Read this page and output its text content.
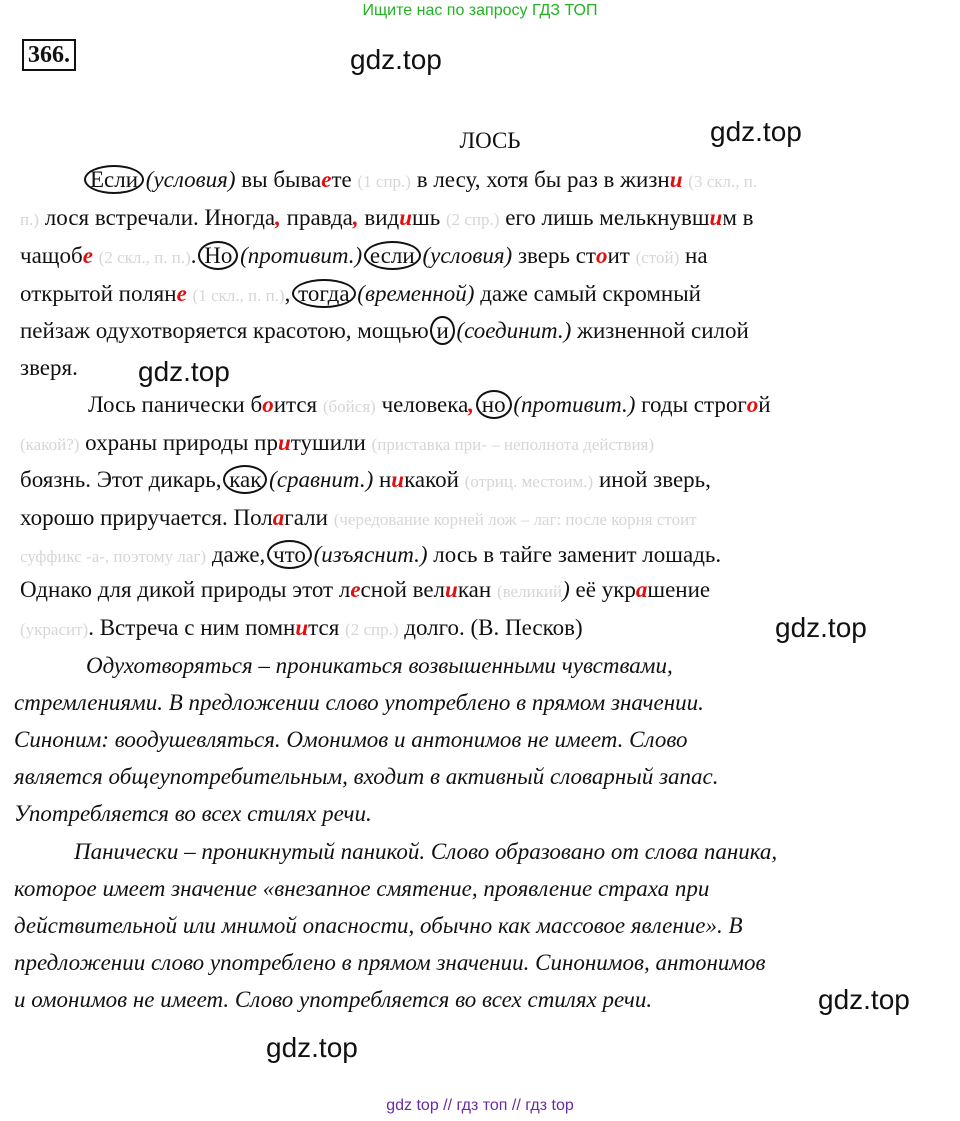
Ищите нас по запросу ГДЗ ТОП
366.	gdz.top
gdz.top
gdz.top
gdz.top
gdz.top
gdz.top
ЛОСЬ
Если (условия) вы бываете (1 спр.) в лесу, хотя бы раз в жизни (3 скл., п.
п.) лося встречали. Иногда, правда, видишь (2 спр.) его лишь мелькнувшим в
чащобе (2 скл., п. п.). Но (противит.) если (условия) зверь стоит (стой) на
открытой поляне (1 скл., п. п.), тогда (временной) даже самый скромный
пейзаж одухотворяется красотою, мощью и (соединит.) жизненной силой
зверя.
Лось панически боится (бойся) человека, но (противит.) годы строгой
(какой?) охраны природы притушили (приставка при- – неполнота действия)
боязнь. Этот дикарь, как (сравнит.) никакой (отриц. местоим.) иной зверь,
хорошо приручается. Полагали (чередование корней лож – лаг: после корня стоит
суффикс -а-, поэтому лаг) даже, что (изъяснит.) лось в тайге заменит лошадь.
Однако для дикой природы этот лесной великан (великий) её украшение
(украсит). Встреча с ним помнится (2 спр.) долго. (В. Песков)
Одухотворяться – проникаться возвышенными чувствами,
стремлениями. В предложении слово употреблено в прямом значении.
Синоним: воодушевляться. Омонимов и антонимов не имеет. Слово
является общеупотребительным, входит в активный словарный запас.
Употребляется во всех стилях речи.
Панически – проникнутый паникой. Слово образовано от слова паника,
которое имеет значение «внезапное смятение, проявление страха при
действительной или мнимой опасности, обычно как массовое явление». В
предложении слово употреблено в прямом значении. Синонимов, антонимов
и омонимов не имеет. Слово употребляется во всех стилях речи.
gdz top // гдз топ // гдз top
